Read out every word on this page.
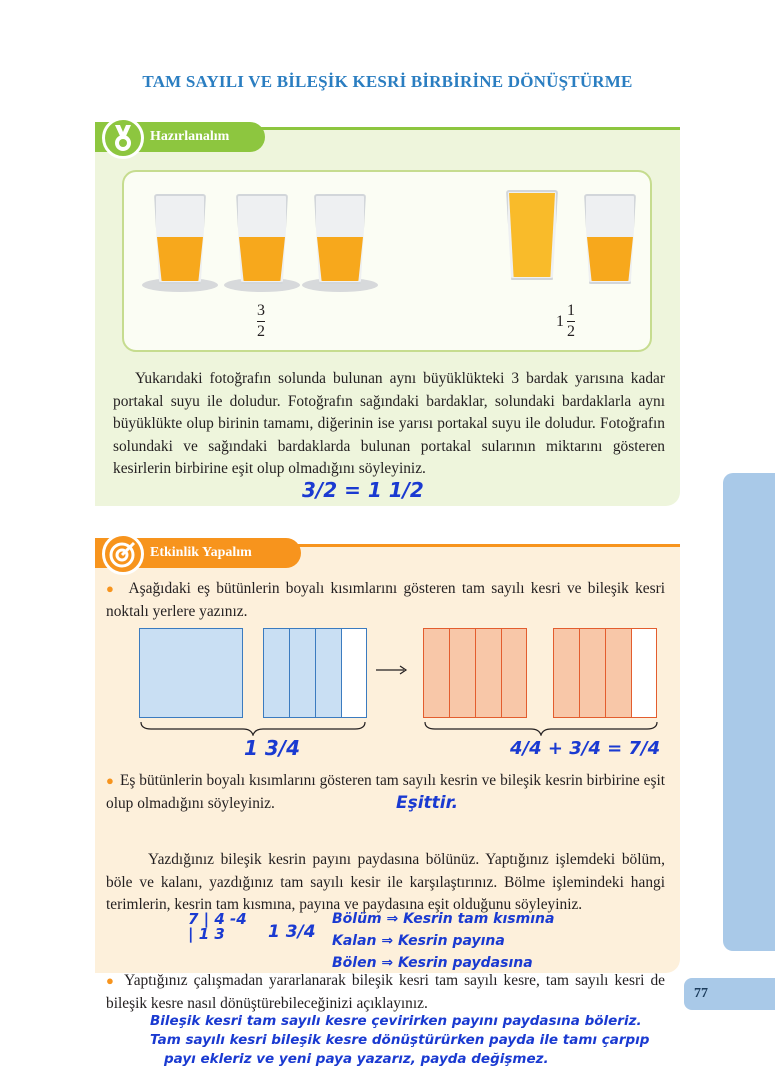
TAM SAYILI VE BİLEŞİK KESRİ BİRBİRİNE DÖNÜŞTÜRME
Hazırlanalım
3
2
1
1
2
Yukarıdaki fotoğrafın solunda bulunan aynı büyüklükteki 3 bardak yarısına kadar portakal suyu ile doludur. Fotoğrafın sağındaki bardaklar, solundaki bardaklarla aynı büyüklükte olup birinin tamamı, diğerinin ise yarısı portakal suyu ile doludur. Fotoğrafın solundaki ve sağındaki bardaklarda bulunan portakal sularının miktarını gösteren kesirlerin birbirine eşit olup olmadığını söyleyiniz.
3/2 = 1 1/2
Etkinlik Yapalım
● Aşağıdaki eş bütünlerin boyalı kısımlarını gösteren tam sayılı kesri ve bileşik kesri noktalı yerlere yazınız.
1 3/4	4/4 + 3/4 = 7/4
● Eş bütünlerin boyalı kısımlarını gösteren tam sayılı kesrin ve bileşik kesrin birbirine eşit olup olmadığını söyleyiniz.	Eşittir.
Yazdığınız bileşik kesrin payını paydasına bölünüz. Yaptığınız işlemdeki bölüm, böle ve kalanı, yazdığınız tam sayılı kesir ile karşılaştırınız. Bölme işlemindeki hangi terimlerin, kesrin tam kısmına, payına ve paydasına eşit olduğunu söyleyiniz.
7 | 4 -4 | 1 3	1 3/4
Bölüm ⇒ Kesrin tam kısmına
Kalan ⇒ Kesrin payına
Bölen ⇒ Kesrin paydasına
● Yaptığınız çalışmadan yararlanarak bileşik kesri tam sayılı kesre, tam sayılı kesri de bileşik kesre nasıl dönüştürebileceğinizi açıklayınız.
Bileşik kesri tam sayılı kesre çevirirken payını paydasına böleriz.
Tam sayılı kesri bileşik kesre dönüştürürken payda ile tamı çarpıp
payı ekleriz ve yeni paya yazarız, payda değişmez.
77
